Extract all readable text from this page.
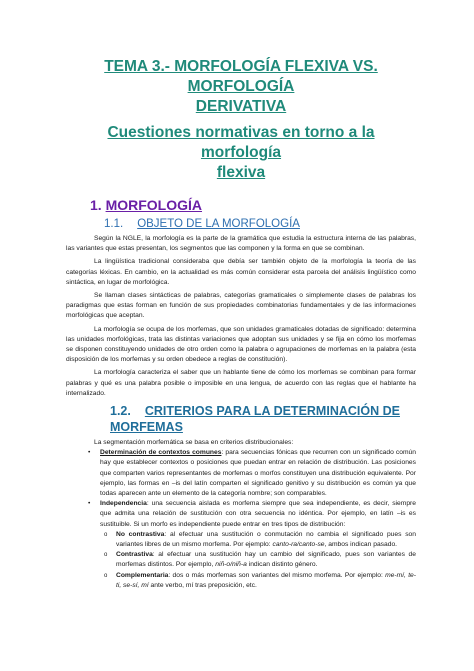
TEMA 3.- MORFOLOGÍA FLEXIVA VS. MORFOLOGÍA
DERIVATIVA
Cuestiones normativas en torno a la morfología
flexiva
1. MORFOLOGÍA
1.1. OBJETO DE LA MORFOLOGÍA

Según la NGLE, la morfología es la parte de la gramática que estudia la estructura interna de las palabras, las variantes que estas presentan, los segmentos que las componen y la forma en que se combinan.

La lingüística tradicional consideraba que debía ser también objeto de la morfología la teoría de las categorías léxicas. En cambio, en la actualidad es más común considerar esta parcela del análisis lingüístico como sintáctica, en lugar de morfológica.

Se llaman clases sintácticas de palabras, categorías gramaticales o simplemente clases de palabras los paradigmas que estas forman en función de sus propiedades combinatorias fundamentales y de las informaciones morfológicas que aceptan.

La morfología se ocupa de los morfemas, que son unidades gramaticales dotadas de significado: determina las unidades morfológicas, trata las distintas variaciones que adoptan sus unidades y se fija en cómo los morfemas se disponen constituyendo unidades de otro orden como la palabra o agrupaciones de morfemas en la palabra (esta disposición de los morfemas y su orden obedece a reglas de constitución).

La morfología caracteriza el saber que un hablante tiene de cómo los morfemas se combinan para formar palabras y qué es una palabra posible o imposible en una lengua, de acuerdo con las reglas que el hablante ha internalizado.

1.2. CRITERIOS PARA LA DETERMINACIÓN DE MORFEMAS

La segmentación morfemática se basa en criterios distribucionales:

• Determinación de contextos comunes: para secuencias fónicas que recurren con un significado común hay que establecer contextos o posiciones que puedan entrar en relación de distribución. Las posiciones que comparten varios representantes de morfemas o morfos constituyen una distribución equivalente. Por ejemplo, las formas en –is del latín comparten el significado genitivo y su distribución es común ya que todas aparecen ante un elemento de la categoría nombre; son comparables.
• Independencia: una secuencia aislada es morfema siempre que sea independiente, es decir, siempre que admita una relación de sustitución con otra secuencia no idéntica. Por ejemplo, en latín –is es sustituible. Si un morfo es independiente puede entrar en tres tipos de distribución:
o No contrastiva: al efectuar una sustitución o conmutación no cambia el significado pues son variantes libres de un mismo morfema. Por ejemplo: canto-ra/canto-se, ambos indican pasado.
o Contrastiva: al efectuar una sustitución hay un cambio del significado, pues son variantes de morfemas distintos. Por ejemplo, niñ-o/niñ-a indican distinto género.
o Complementaria: dos o más morfemas son variantes del mismo morfema. Por ejemplo: me-mí, te- ti, se-sí, mí ante verbo, mí tras preposición, etc.
